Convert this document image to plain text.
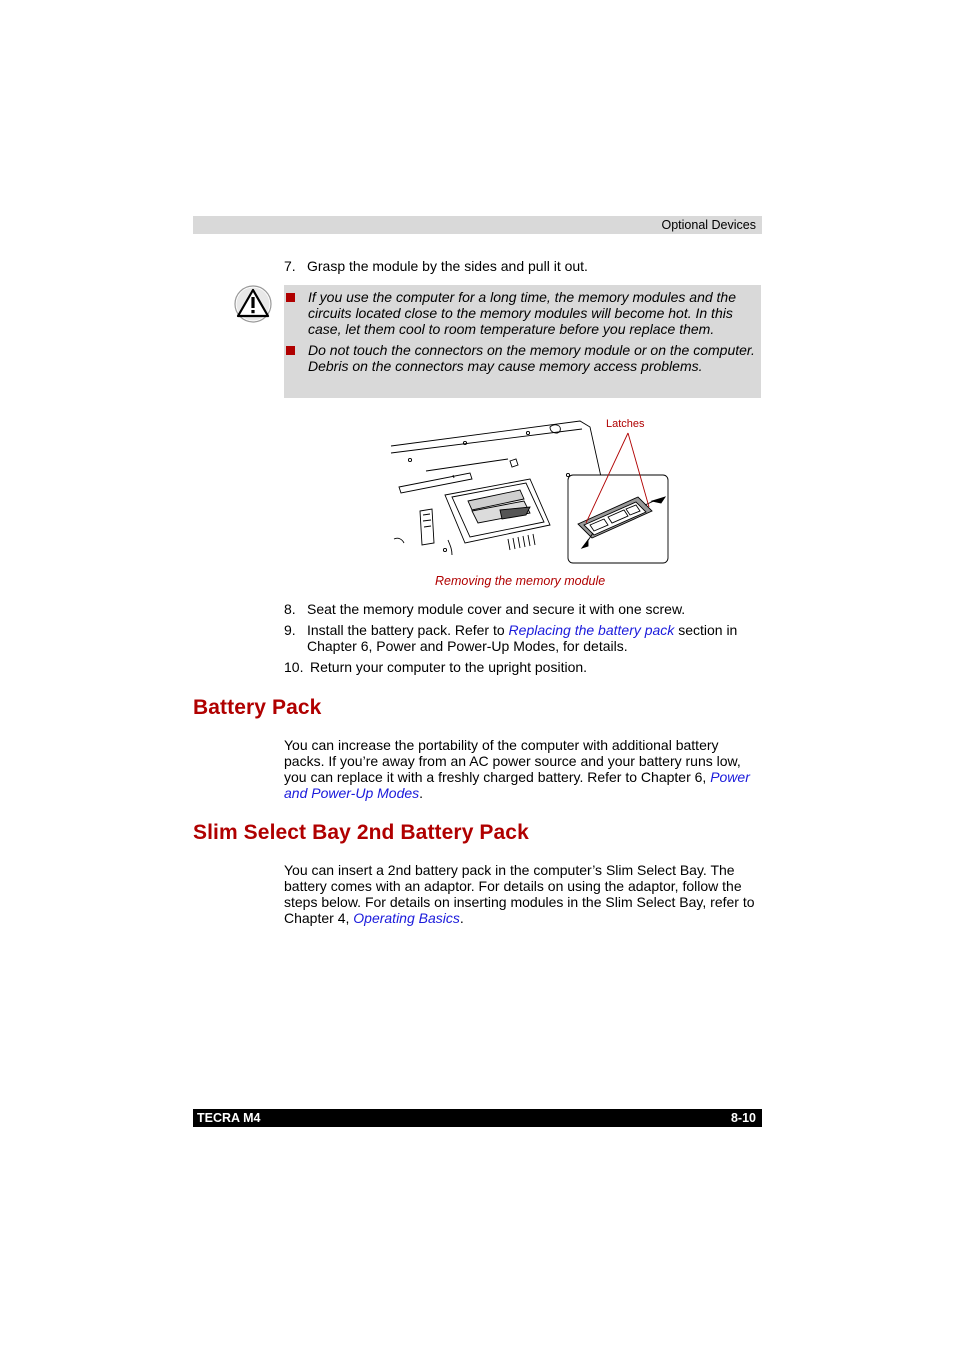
Optional Devices
7. Grasp the module by the sides and pull it out.
If you use the computer for a long time, the memory modules and the circuits located close to the memory modules will become hot. In this case, let them cool to room temperature before you replace them.
Do not touch the connectors on the memory module or on the computer. Debris on the connectors may cause memory access problems.
Latches
Removing the memory module
8. Seat the memory module cover and secure it with one screw.
9. Install the battery pack. Refer to Replacing the battery pack section in Chapter 6, Power and Power-Up Modes, for details.
10. Return your computer to the upright position.
Battery Pack
You can increase the portability of the computer with additional battery packs. If you’re away from an AC power source and your battery runs low, you can replace it with a freshly charged battery. Refer to Chapter 6, Power and Power-Up Modes.
Slim Select Bay 2nd Battery Pack
You can insert a 2nd battery pack in the computer’s Slim Select Bay. The battery comes with an adaptor. For details on using the adaptor, follow the steps below. For details on inserting modules in the Slim Select Bay, refer to Chapter 4, Operating Basics.
TECRA M4	8-10
